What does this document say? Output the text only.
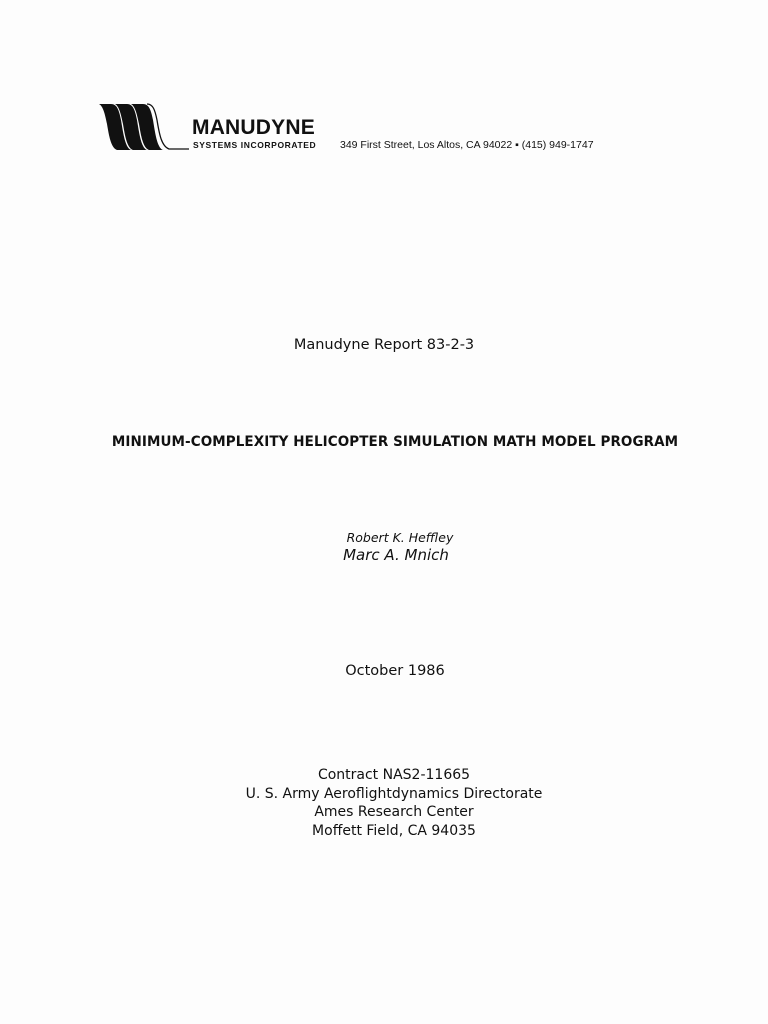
MANUDYNE
SYSTEMS INCORPORATED 349 First Street, Los Altos, CA 94022 ▪ (415) 949-1747
Manudyne Report 83-2-3
MINIMUM-COMPLEXITY HELICOPTER SIMULATION MATH MODEL PROGRAM
Robert K. Heffley
Marc A. Mnich
October 1986
Contract NAS2-11665
U. S. Army Aeroflightdynamics Directorate
Ames Research Center
Moffett Field, CA 94035
